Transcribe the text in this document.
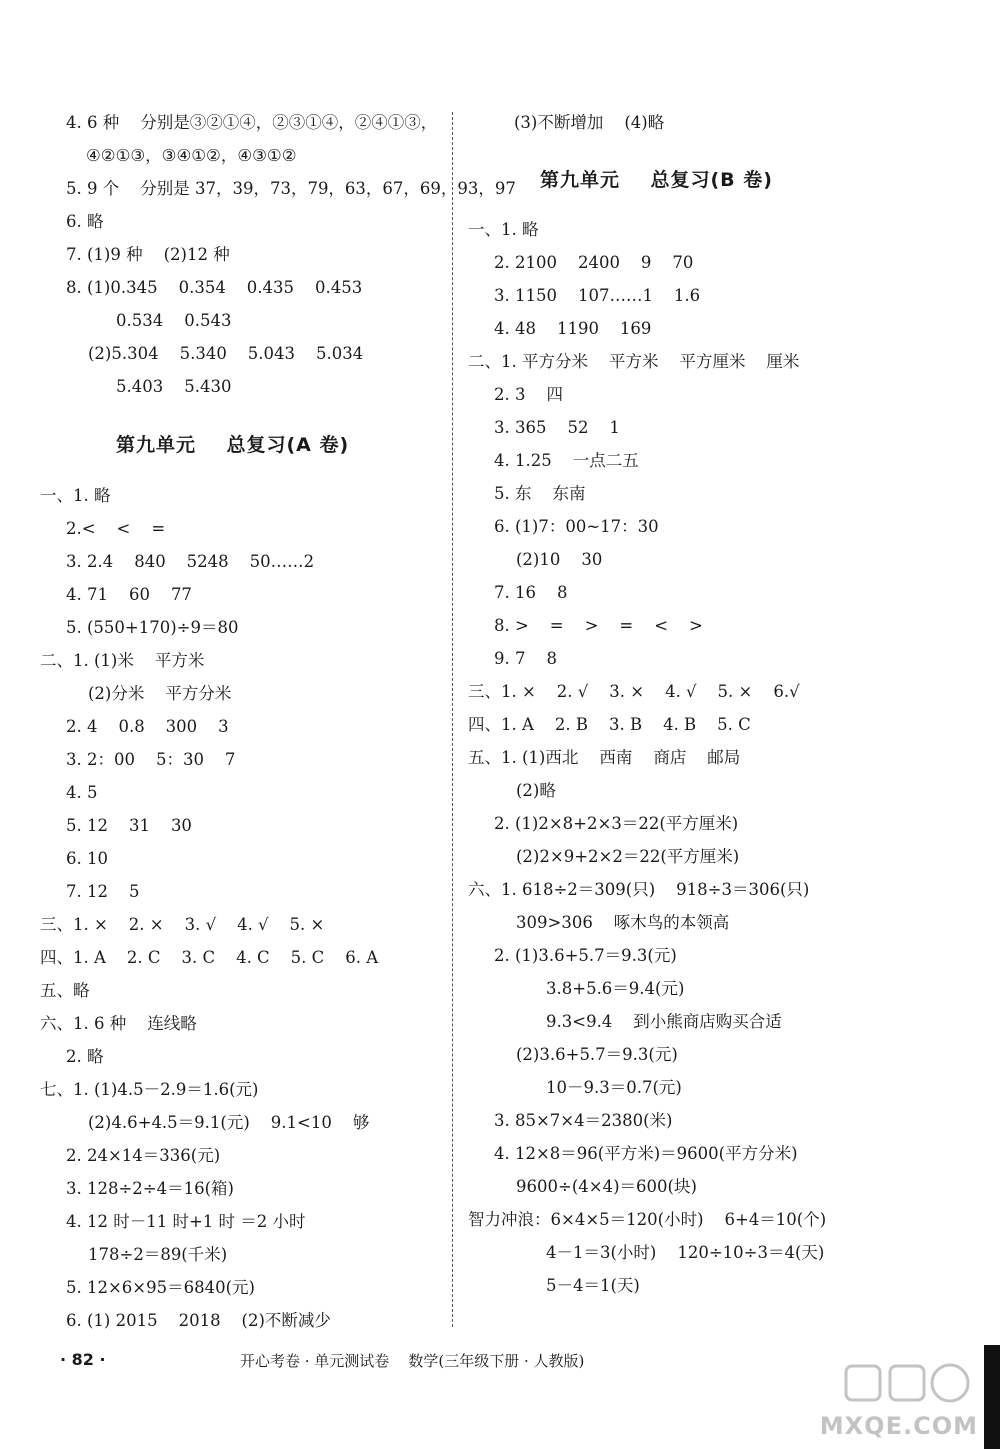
4. 6 种    分别是③②①④，②③①④，②④①③，
④②①③，③④①②，④③①②
5. 9 个    分别是 37，39，73，79，63，67，69，93，97
6. 略
7. (1)9 种    (2)12 种
8. (1)0.345    0.354    0.435    0.453
0.534    0.543
(2)5.304    5.340    5.043    5.034
5.403    5.430
第九单元    总复习(A 卷)
一、1. 略
2.<    <    =
3. 2.4    840    5248    50……2
4. 71    60    77
5. (550+170)÷9＝80
二、1. (1)米    平方米
(2)分米    平方分米
2. 4    0.8    300    3
3. 2：00    5：30    7
4. 5
5. 12    31    30
6. 10
7. 12    5
三、1. ×    2. ×    3. √    4. √    5. ×
四、1. A    2. C    3. C    4. C    5. C    6. A
五、略
六、1. 6 种    连线略
2. 略
七、1. (1)4.5－2.9＝1.6(元)
(2)4.6+4.5＝9.1(元)    9.1<10    够
2. 24×14＝336(元)
3. 128÷2÷4＝16(箱)
4. 12 时－11 时+1 时 ＝2 小时
178÷2＝89(千米)
5. 12×6×95＝6840(元)
6. (1) 2015    2018    (2)不断减少
(3)不断增加    (4)略
第九单元    总复习(B 卷)
一、1. 略
2. 2100    2400    9    70
3. 1150    107……1    1.6
4. 48    1190    169
二、1. 平方分米    平方米    平方厘米    厘米
2. 3    四
3. 365    52    1
4. 1.25    一点二五
5. 东    东南
6. (1)7：00~17：30
(2)10    30
7. 16    8
8. >    =    >    =    <    >
9. 7    8
三、1. ×    2. √    3. ×    4. √    5. ×    6.√
四、1. A    2. B    3. B    4. B    5. C
五、1. (1)西北    西南    商店    邮局
(2)略
2. (1)2×8+2×3＝22(平方厘米)
(2)2×9+2×2＝22(平方厘米)
六、1. 618÷2＝309(只)    918÷3＝306(只)
309>306    啄木鸟的本领高
2. (1)3.6+5.7＝9.3(元)
3.8+5.6＝9.4(元)
9.3<9.4    到小熊商店购买合适
(2)3.6+5.7＝9.3(元)
10－9.3＝0.7(元)
3. 85×7×4＝2380(米)
4. 12×8＝96(平方米)＝9600(平方分米)
9600÷(4×4)＝600(块)
智力冲浪：6×4×5＝120(小时)    6+4＝10(个)
4－1＝3(小时)    120÷10÷3＝4(天)
5－4＝1(天)

· 82 ·

	开心考卷 · 单元测试卷    数学(三年级下册 · 人教版)

MXQE.COM
